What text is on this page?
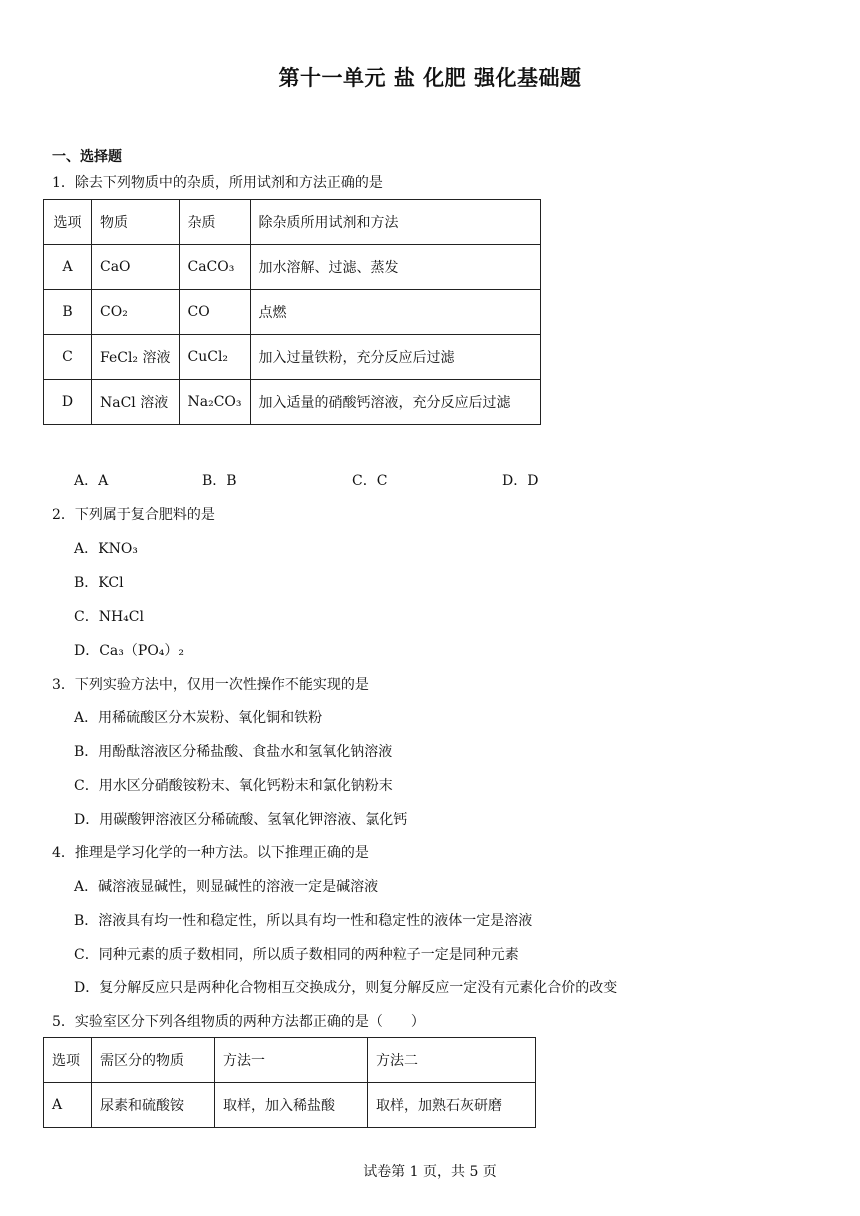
第十一单元 盐 化肥 强化基础题
一、选择题
1．除去下列物质中的杂质，所用试剂和方法正确的是
选项	物质	杂质	除杂质所用试剂和方法
A	CaO	CaCO₃	加水溶解、过滤、蒸发
B	CO₂	CO	点燃
C	FeCl₂ 溶液	CuCl₂	加入过量铁粉，充分反应后过滤
D	NaCl 溶液	Na₂CO₃	加入适量的硝酸钙溶液，充分反应后过滤
A．A	B．B	C．C	D．D
2．下列属于复合肥料的是
A．KNO₃
B．KCl
C．NH₄Cl
D．Ca₃（PO₄）₂
3．下列实验方法中，仅用一次性操作不能实现的是
A．用稀硫酸区分木炭粉、氧化铜和铁粉
B．用酚酞溶液区分稀盐酸、食盐水和氢氧化钠溶液
C．用水区分硝酸铵粉末、氧化钙粉末和氯化钠粉末
D．用碳酸钾溶液区分稀硫酸、氢氧化钾溶液、氯化钙
4．推理是学习化学的一种方法。以下推理正确的是
A．碱溶液显碱性，则显碱性的溶液一定是碱溶液
B．溶液具有均一性和稳定性，所以具有均一性和稳定性的液体一定是溶液
C．同种元素的质子数相同，所以质子数相同的两种粒子一定是同种元素
D．复分解反应只是两种化合物相互交换成分，则复分解反应一定没有元素化合价的改变
5．实验室区分下列各组物质的两种方法都正确的是（　　）
选项	需区分的物质	方法一	方法二
A	尿素和硫酸铵	取样，加入稀盐酸	取样，加熟石灰研磨
试卷第 1 页，共 5 页
